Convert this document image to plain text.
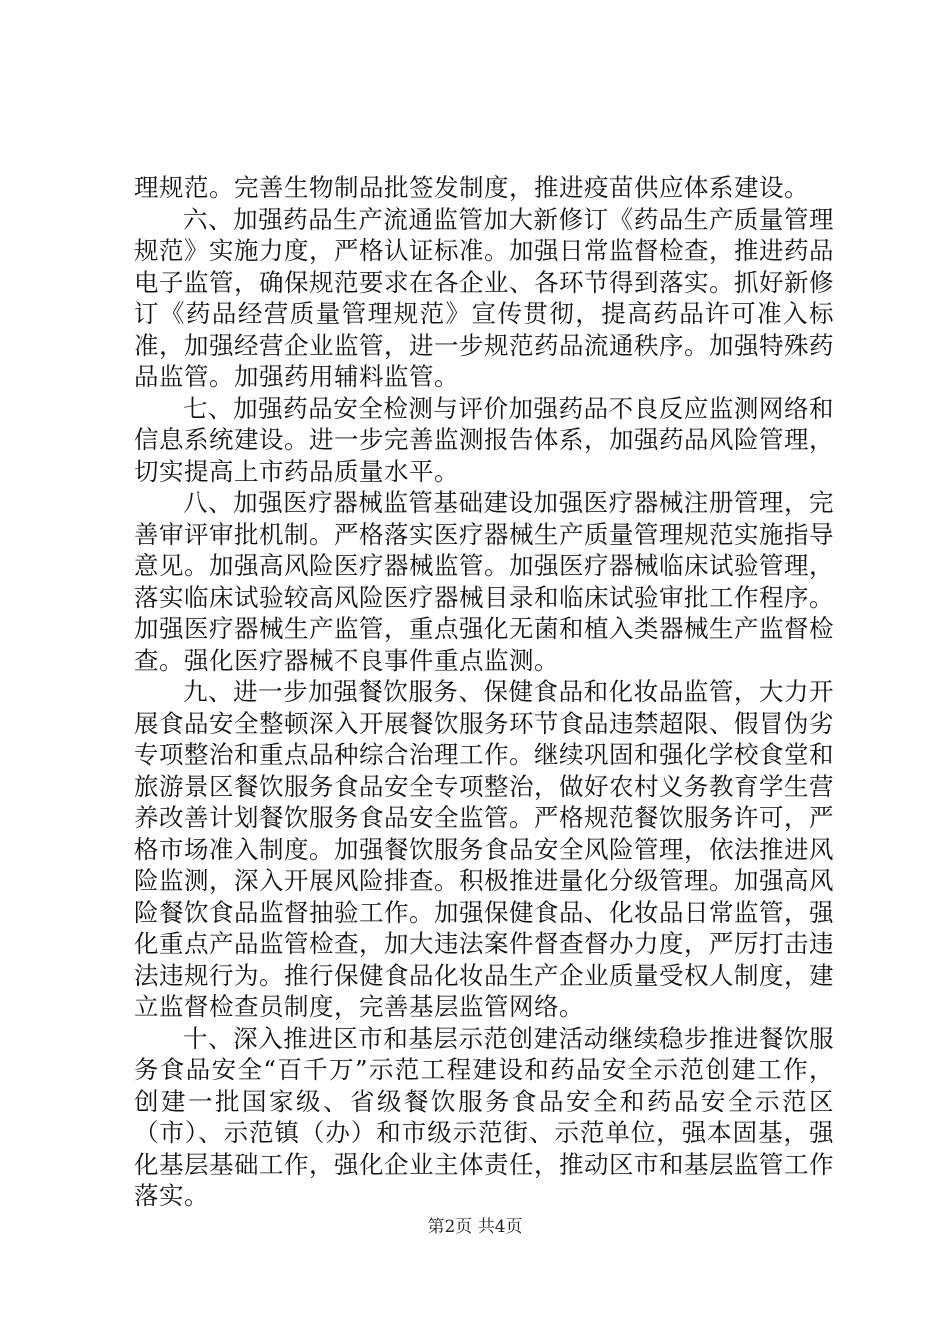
理规范。完善生物制品批签发制度，推进疫苗供应体系建设。

六、加强药品生产流通监管加大新修订《药品生产质量管理规范》实施力度，严格认证标准。加强日常监督检查，推进药品电子监管，确保规范要求在各企业、各环节得到落实。抓好新修订《药品经营质量管理规范》宣传贯彻，提高药品许可准入标准，加强经营企业监管，进一步规范药品流通秩序。加强特殊药品监管。加强药用辅料监管。

七、加强药品安全检测与评价加强药品不良反应监测网络和信息系统建设。进一步完善监测报告体系，加强药品风险管理，切实提高上市药品质量水平。

八、加强医疗器械监管基础建设加强医疗器械注册管理，完善审评审批机制。严格落实医疗器械生产质量管理规范实施指导意见。加强高风险医疗器械监管。加强医疗器械临床试验管理，落实临床试验较高风险医疗器械目录和临床试验审批工作程序。加强医疗器械生产监管，重点强化无菌和植入类器械生产监督检查。强化医疗器械不良事件重点监测。

九、进一步加强餐饮服务、保健食品和化妆品监管，大力开展食品安全整顿深入开展餐饮服务环节食品违禁超限、假冒伪劣专项整治和重点品种综合治理工作。继续巩固和强化学校食堂和旅游景区餐饮服务食品安全专项整治，做好农村义务教育学生营养改善计划餐饮服务食品安全监管。严格规范餐饮服务许可，严格市场准入制度。加强餐饮服务食品安全风险管理，依法推进风险监测，深入开展风险排查。积极推进量化分级管理。加强高风险餐饮食品监督抽验工作。加强保健食品、化妆品日常监管，强化重点产品监管检查，加大违法案件督查督办力度，严厉打击违法违规行为。推行保健食品化妆品生产企业质量受权人制度，建立监督检查员制度，完善基层监管网络。

十、深入推进区市和基层示范创建活动继续稳步推进餐饮服务食品安全“百千万”示范工程建设和药品安全示范创建工作，创建一批国家级、省级餐饮服务食品安全和药品安全示范区（市）、示范镇（办）和市级示范街、示范单位，强本固基，强化基层基础工作，强化企业主体责任，推动区市和基层监管工作落实。

第2页 共4页
